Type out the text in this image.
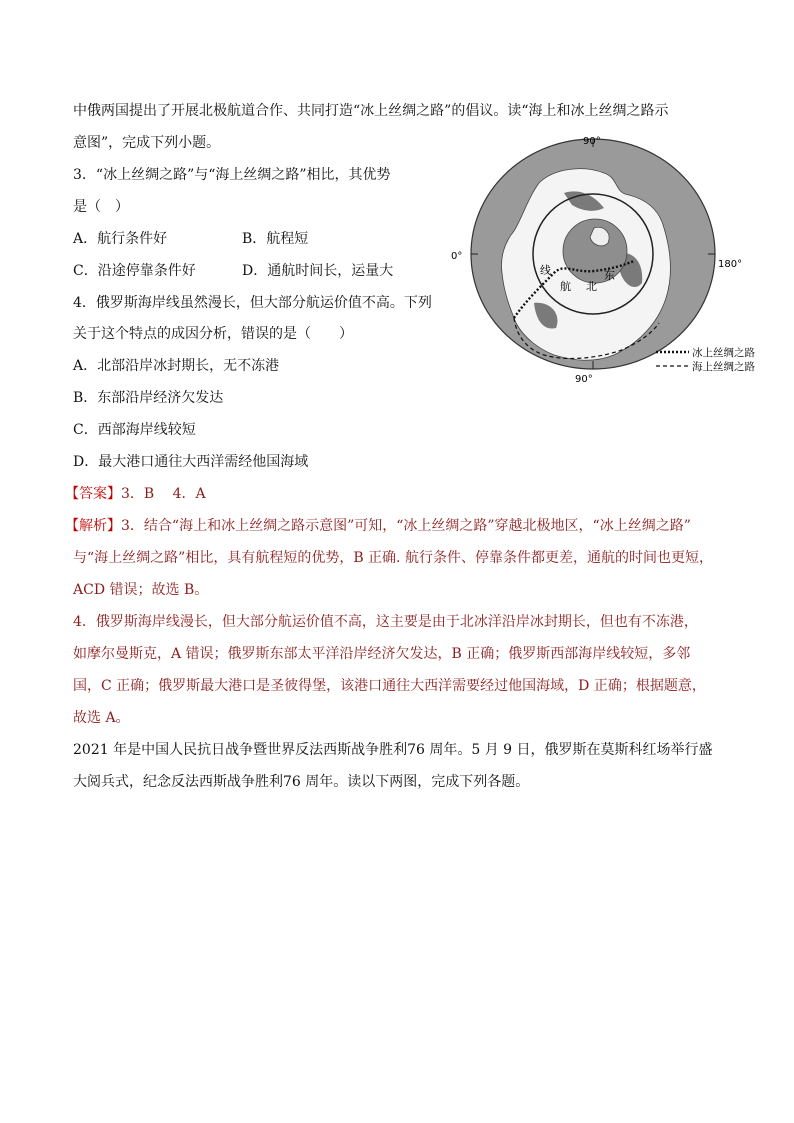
中俄两国提出了开展北极航道合作、共同打造“冰上丝绸之路”的倡议。读“海上和冰上丝绸之路示
意图”，完成下列小题。
3．“冰上丝绸之路”与“海上丝绸之路”相比，其优势
是（　）
A．航行条件好	B．航程短
C．沿途停靠条件好	D．通航时间长，运量大
4．俄罗斯海岸线虽然漫长，但大部分航运价值不高。下列
关于这个特点的成因分析，错误的是（　　）
A．北部沿岸冰封期长，无不冻港
B．东部沿岸经济欠发达
C．西部海岸线较短
D．最大港口通往大西洋需经他国海域
【答案】3．B　 4．A
【解析】3．结合“海上和冰上丝绸之路示意图”可知，“冰上丝绸之路”穿越北极地区，“冰上丝绸之路”
与“海上丝绸之路”相比，具有航程短的优势，B 正确. 航行条件、停靠条件都更差，通航的时间也更短，
ACD 错误；故选 B。
4．俄罗斯海岸线漫长，但大部分航运价值不高，这主要是由于北冰洋沿岸冰封期长，但也有不冻港，
如摩尔曼斯克，A 错误；俄罗斯东部太平洋沿岸经济欠发达，B 正确；俄罗斯西部海岸线较短，多邻
国，C 正确；俄罗斯最大港口是圣彼得堡，该港口通往大西洋需要经过他国海域，D 正确；根据题意，
故选 A。
2021 年是中国人民抗日战争暨世界反法西斯战争胜利76 周年。5 月 9 日，俄罗斯在莫斯科红场举行盛
大阅兵式，纪念反法西斯战争胜利76 周年。读以下两图，完成下列各题。
90°
0°
180°
90°
线
航 北
东
冰上丝绸之路
海上丝绸之路
